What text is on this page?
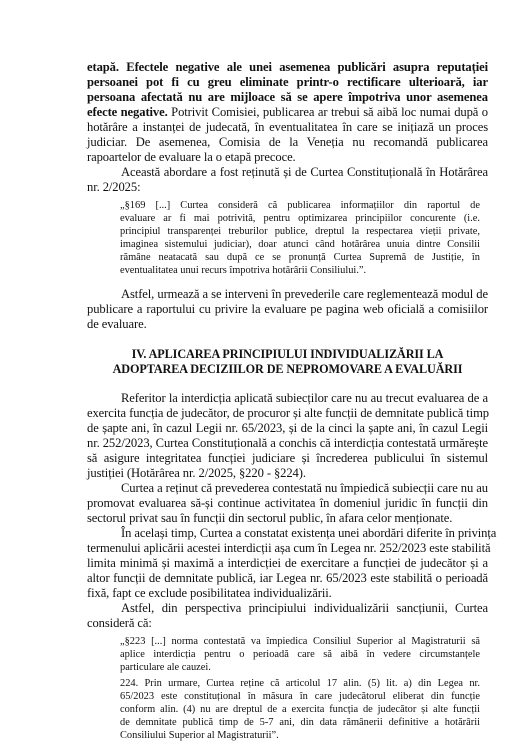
etapă. Efectele negative ale unei asemenea publicări asupra reputației

persoanei pot fi cu greu eliminate printr-o rectificare ulterioară, iar

persoana afectată nu are mijloace să se apere împotriva unor asemenea

efecte negative. Potrivit Comisiei, publicarea ar trebui să aibă loc numai după o

hotărâre a instanței de judecată, în eventualitatea în care se inițiază un proces

judiciar. De asemenea, Comisia de la Veneția nu recomandă publicarea

rapoartelor de evaluare la o etapă precoce.

Această abordare a fost reținută și de Curtea Constituțională în Hotărârea

nr. 2/2025:

„§169 [...] Curtea consideră că publicarea informațiilor din raportul de

evaluare ar fi mai potrivită, pentru optimizarea principiilor concurente (i.e.

principiul transparenței treburilor publice, dreptul la respectarea vieții private,

imaginea sistemului judiciar), doar atunci când hotărârea unuia dintre Consilii

rămâne neatacată sau după ce se pronunță Curtea Supremă de Justiție, în

eventualitatea unui recurs împotriva hotărârii Consiliului.”.

Astfel, urmează a se interveni în prevederile care reglementează modul de

publicare a raportului cu privire la evaluare pe pagina web oficială a comisiilor

de evaluare.

IV. APLICAREA PRINCIPIULUI INDIVIDUALIZĂRII LA

ADOPTAREA DECIZIILOR DE NEPROMOVARE A EVALUĂRII

Referitor la interdicția aplicată subiecților care nu au trecut evaluarea de a

exercita funcția de judecător, de procuror și alte funcții de demnitate publică timp

de șapte ani, în cazul Legii nr. 65/2023, și de la cinci la șapte ani, în cazul Legii

nr. 252/2023, Curtea Constituțională a conchis că interdicția contestată urmărește

să asigure integritatea funcției judiciare și încrederea publicului în sistemul

justiției (Hotărârea nr. 2/2025, §220 - §224).

Curtea a reținut că prevederea contestată nu împiedică subiecții care nu au

promovat evaluarea să-și continue activitatea în domeniul juridic în funcții din

sectorul privat sau în funcții din sectorul public, în afara celor menționate.

În același timp, Curtea a constatat existența unei abordări diferite în privința

termenului aplicării acestei interdicții așa cum în Legea nr. 252/2023 este stabilită

limita minimă și maximă a interdicției de exercitare a funcției de judecător și a

altor funcții de demnitate publică, iar Legea nr. 65/2023 este stabilită o perioadă

fixă, fapt ce exclude posibilitatea individualizării.

Astfel, din perspectiva principiului individualizării sancțiunii, Curtea

consideră că:

„§223 [...] norma contestată va împiedica Consiliul Superior al Magistraturii să

aplice interdicția pentru o perioadă care să aibă în vedere circumstanțele

particulare ale cauzei.

224. Prin urmare, Curtea reține că articolul 17 alin. (5) lit. a) din Legea nr.

65/2023 este constituțional în măsura în care judecătorul eliberat din funcție

conform alin. (4) nu are dreptul de a exercita funcția de judecător și alte funcții

de demnitate publică timp de 5-7 ani, din data rămânerii definitive a hotărârii

Consiliului Superior al Magistraturii”.
